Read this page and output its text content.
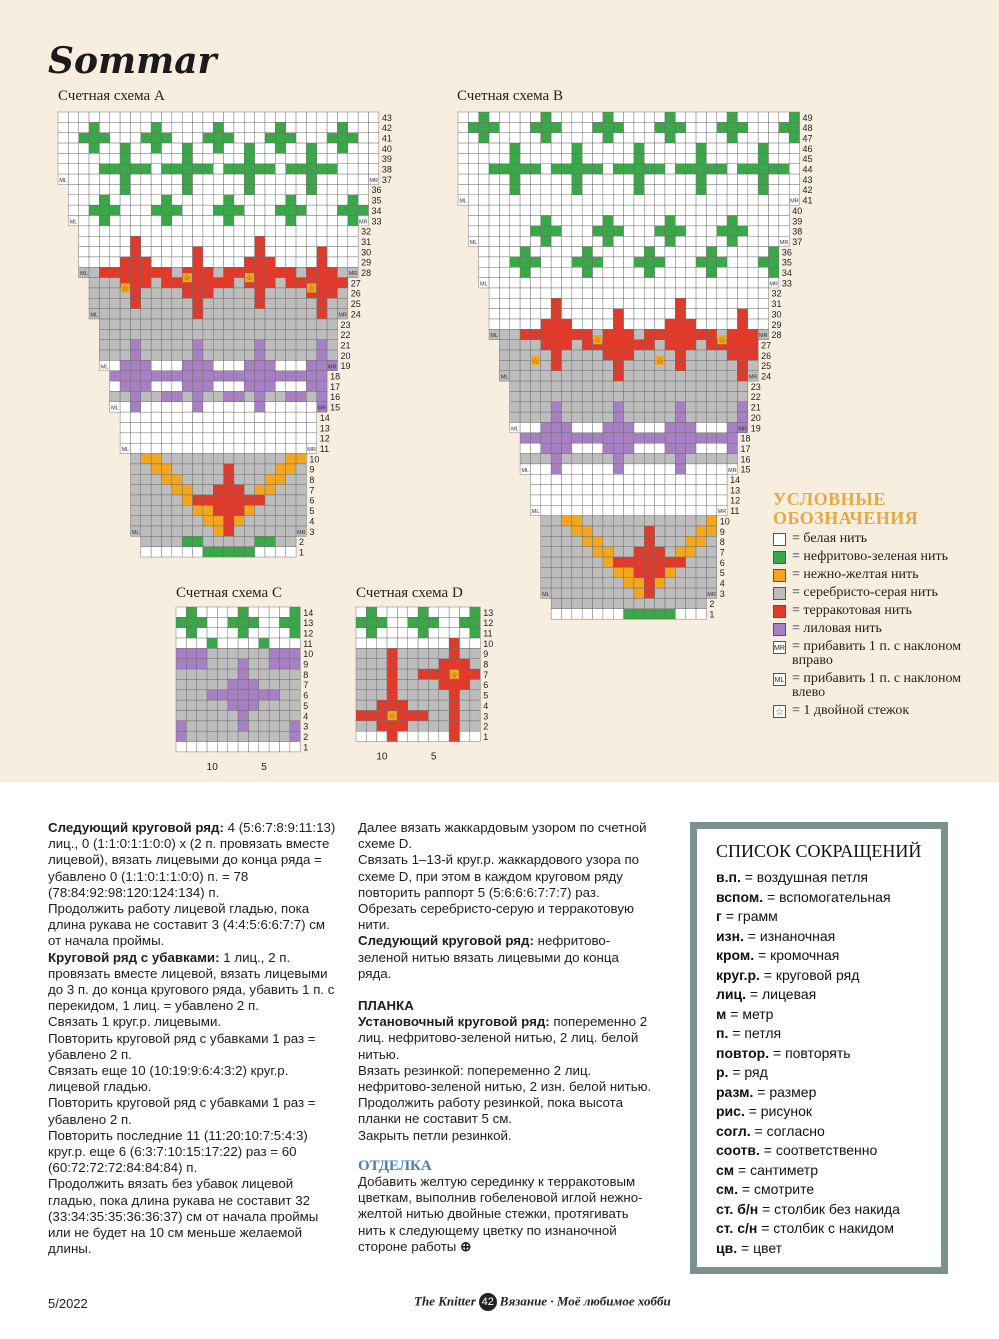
Sommar
Счетная схема A	Счетная схема B
Счетная схема C	Счетная схема D
43
42
41
40
39
38
37
36
35
34
33
32
31
30
29
28
27
26
25
24
23
22
21
20
19
18
17
16
15
14
13
12
11
10
9
8
7
6
5
4
3
2
1
ML	MR
ML	MR
ML	MR
ML	MR
ML	MR
ML	MR
ML	MR
ML	MR
☆	☆
☆	☆
49
48
47
46
45
44
43
42
41
40
39
38
37
36
35
34
33
32
31
30
29
28
27
26
25
24
23
22
21
20
19
18
17
16
15
14
13
12
11
10
9
8
7
6
5
4
3
2
1
ML	MR
ML	MR
ML	MR
ML	MR
ML	MR
ML	MR
ML	MR
ML	MR
ML	MR
☆	☆
☆	☆
14
13
12
11
10
9
8
7
6
5
4
3
2
1
10	5
13
12
11
10
9
8
7
6
5
4
3
2
1
☆
☆
10	5
УСЛОВНЫЕ
ОБОЗНАЧЕНИЯ
= белая нить
= нефритово-зеленая нить
= нежно-желтая нить
= серебристо-серая нить
= терракотовая нить
= лиловая нить
MR = прибавить 1 п. с наклоном вправо
ML = прибавить 1 п. с наклоном влево
☆ = 1 двойной стежок

Следующий круговой ряд: 4 (5:6:7:8:9:11:13) лиц., 0 (1:1:0:1:1:0:0) x (2 п. провязать вместе лицевой), вязать лицевыми до конца ряда = убавлено 0 (1:1:0:1:1:0:0) п. = 78 (78:84:92:98:120:124:134) п.

Продолжить работу лицевой гладью, пока длина рукава не составит 3 (4:4:5:6:6:7:7) см от начала проймы.

Круговой ряд с убавками: 1 лиц., 2 п. провязать вместе лицевой, вязать лицевыми до 3 п. до конца кругового ряда, убавить 1 п. с перекидом, 1 лиц. = убавлено 2 п.

Связать 1 круг.р. лицевыми.

Повторить круговой ряд с убавками 1 раз = убавлено 2 п.

Связать еще 10 (10:19:9:6:4:3:2) круг.р. лицевой гладью.

Повторить круговой ряд с убавками 1 раз = убавлено 2 п.

Повторить последние 11 (11:20:10:7:5:4:3) круг.р. еще 6 (6:3:7:10:15:17:22) раз = 60 (60:72:72:72:84:84:84) п.

Продолжить вязать без убавок лицевой гладью, пока длина рукава не составит 32 (33:34:35:35:36:36:37) см от начала проймы или не будет на 10 см меньше желаемой длины.

Далее вязать жаккардовым узором по счетной схеме D.

Связать 1–13-й круг.р. жаккардового узора по схеме D, при этом в каждом круговом ряду повторить раппорт 5 (5:6:6:6:7:7:7) раз. Обрезать серебристо-серую и терракотовую нити.

Следующий круговой ряд: нефритово-зеленой нитью вязать лицевыми до конца ряда.

ПЛАНКА

Установочный круговой ряд: попеременно 2 лиц. нефритово-зеленой нитью, 2 лиц. белой нитью.

Вязать резинкой: попеременно 2 лиц. нефритово-зеленой нитью, 2 изн. белой нитью.

Продолжить работу резинкой, пока высота планки не составит 5 см.

Закрыть петли резинкой.

ОТДЕЛКА

Добавить желтую серединку к терракотовым цветкам, выполнив гобеленовой иглой нежно-желтой нитью двойные стежки, протягивать нить к следующему цветку по изнаночной стороне работы ⊕

СПИСОК СОКРАЩЕНИЙ
в.п. = воздушная петля
вспом. = вспомогательная
г = грамм
изн. = изнаночная
кром. = кромочная
круг.р. = круговой ряд
лиц. = лицевая
м = метр
п. = петля
повтор. = повторять
р. = ряд
разм. = размер
рис. = рисунок
согл. = согласно
соотв. = соответственно
см = сантиметр
см. = смотрите
ст. б/н = столбик без накида
ст. с/н = столбик с накидом
цв. = цвет
5/2022	The Knitter 42 Вязание · Моё любимое хобби
